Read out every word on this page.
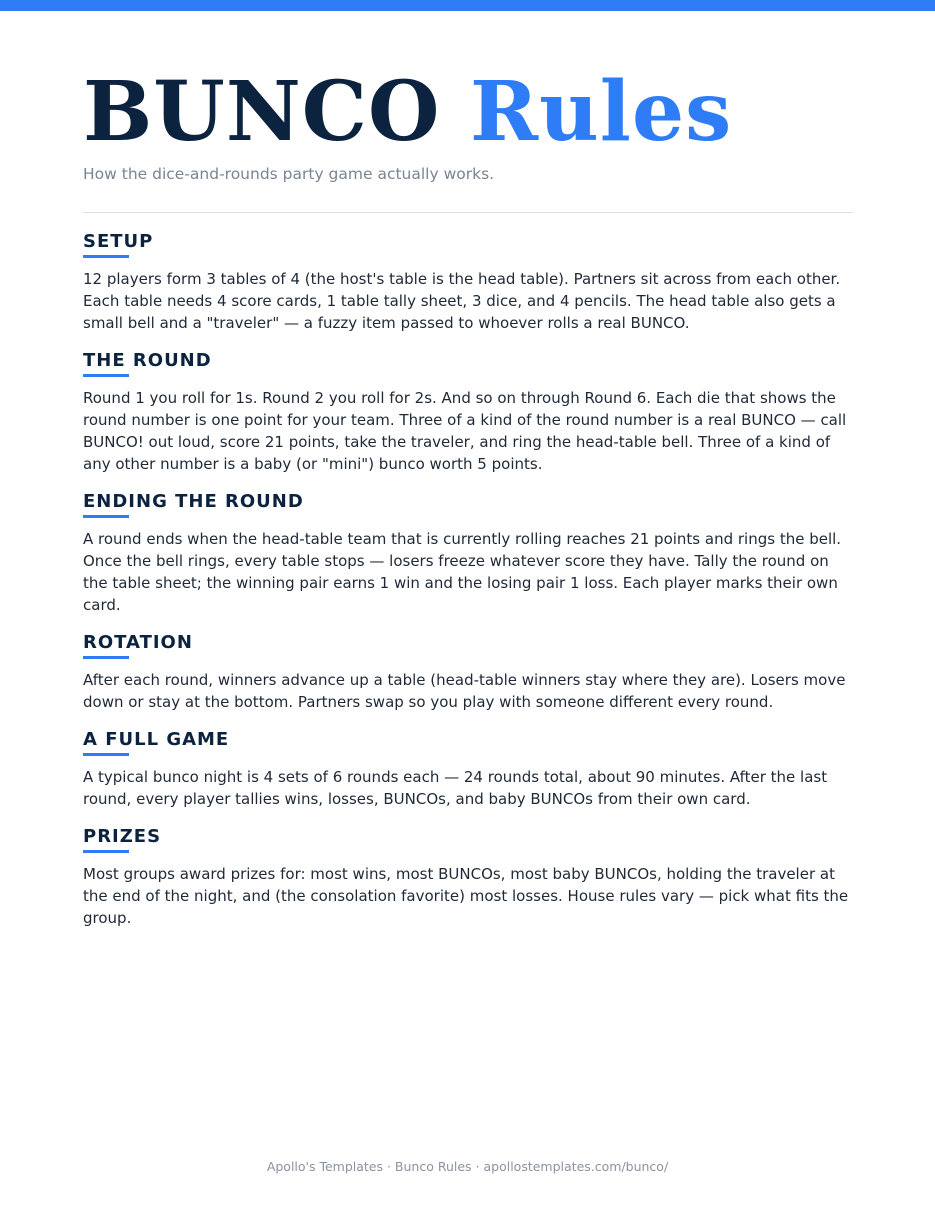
BUNCO Rules

How the dice-and-rounds party game actually works.

SETUP

12 players form 3 tables of 4 (the host's table is the head table). Partners sit across from each other. Each table needs 4 score cards, 1 table tally sheet, 3 dice, and 4 pencils. The head table also gets a small bell and a "traveler" — a fuzzy item passed to whoever rolls a real BUNCO.

THE ROUND

Round 1 you roll for 1s. Round 2 you roll for 2s. And so on through Round 6. Each die that shows the round number is one point for your team. Three of a kind of the round number is a real BUNCO — call BUNCO! out loud, score 21 points, take the traveler, and ring the head-table bell. Three of a kind of any other number is a baby (or "mini") bunco worth 5 points.

ENDING THE ROUND

A round ends when the head-table team that is currently rolling reaches 21 points and rings the bell. Once the bell rings, every table stops — losers freeze whatever score they have. Tally the round on the table sheet; the winning pair earns 1 win and the losing pair 1 loss. Each player marks their own card.

ROTATION

After each round, winners advance up a table (head-table winners stay where they are). Losers move down or stay at the bottom. Partners swap so you play with someone different every round.

A FULL GAME

A typical bunco night is 4 sets of 6 rounds each — 24 rounds total, about 90 minutes. After the last round, every player tallies wins, losses, BUNCOs, and baby BUNCOs from their own card.

PRIZES

Most groups award prizes for: most wins, most BUNCOs, most baby BUNCOs, holding the traveler at the end of the night, and (the consolation favorite) most losses. House rules vary — pick what fits the group.

Apollo's Templates · Bunco Rules · apollostemplates.com/bunco/
